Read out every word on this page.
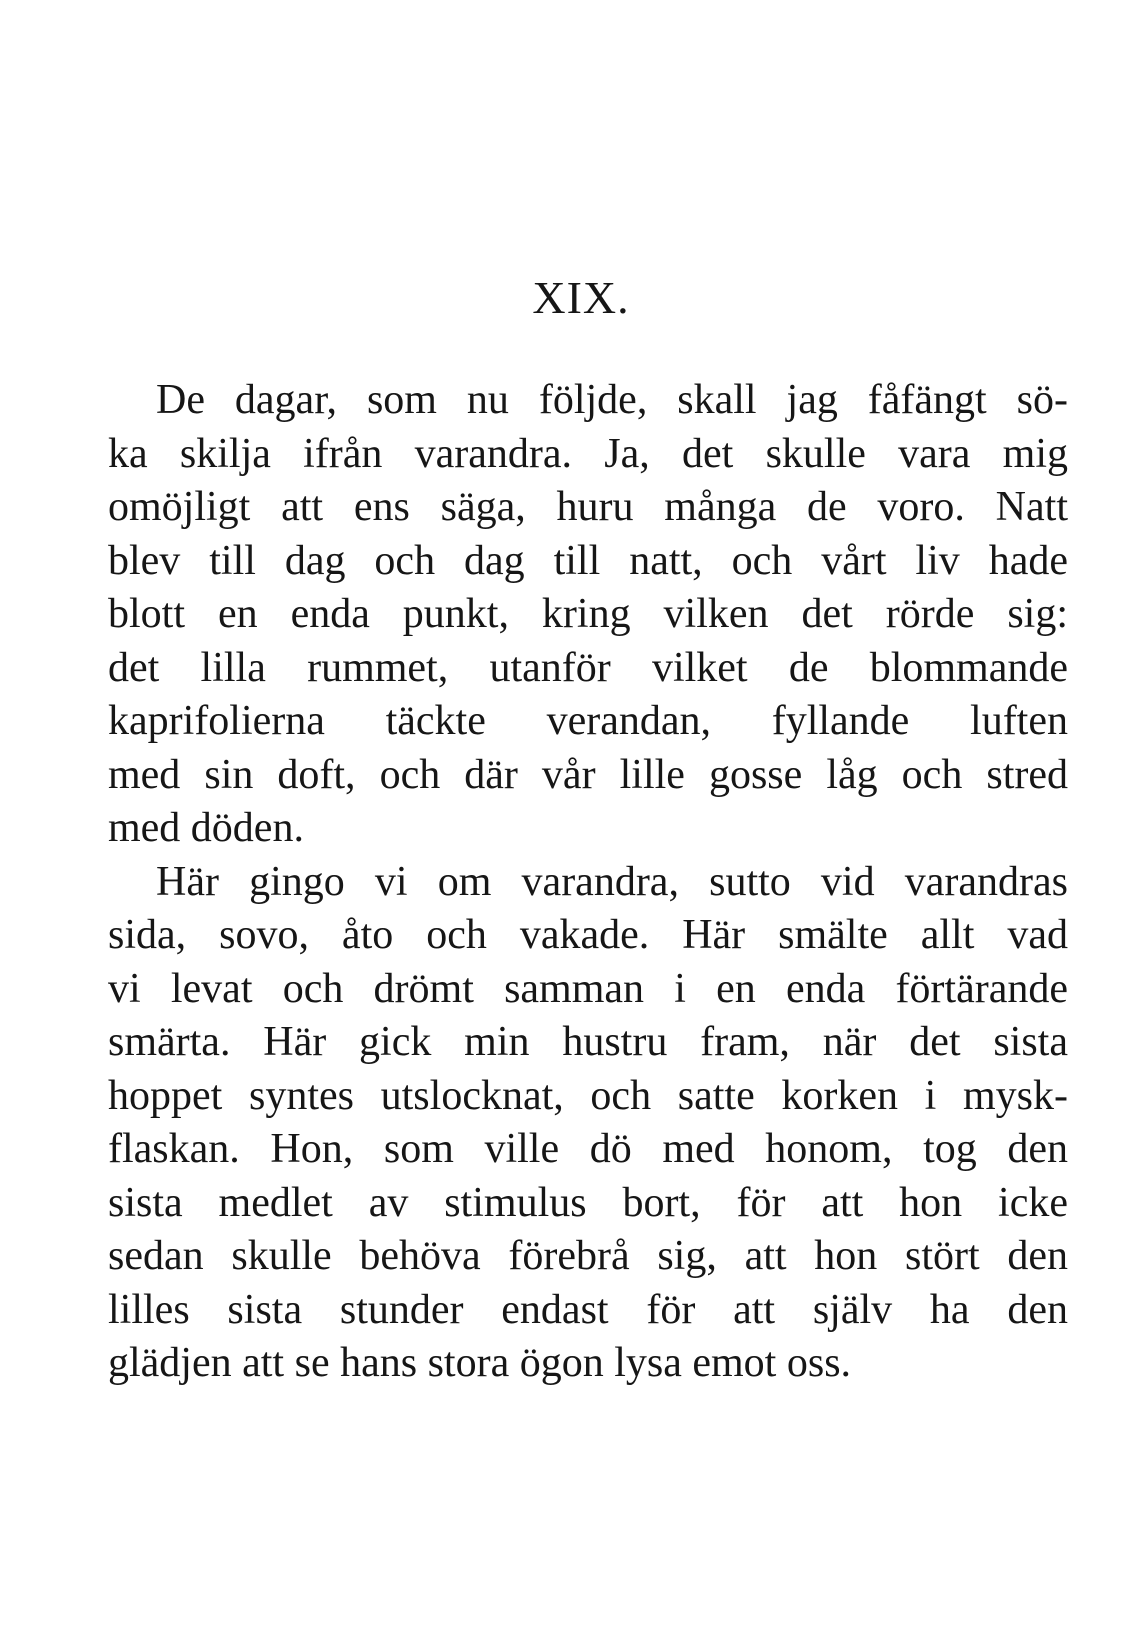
XIX.
De dagar, som nu följde, skall jag fåfängt sö-
ka skilja ifrån varandra. Ja, det skulle vara mig
omöjligt att ens säga, huru många de voro. Natt
blev till dag och dag till natt, och vårt liv hade
blott en enda punkt, kring vilken det rörde sig:
det lilla rummet, utanför vilket de blommande
kaprifolierna täckte verandan, fyllande luften
med sin doft, och där vår lille gosse låg och stred
med döden.
Här gingo vi om varandra, sutto vid varandras
sida, sovo, åto och vakade. Här smälte allt vad
vi levat och drömt samman i en enda förtärande
smärta. Här gick min hustru fram, när det sista
hoppet syntes utslocknat, och satte korken i mysk-
flaskan. Hon, som ville dö med honom, tog den
sista medlet av stimulus bort, för att hon icke
sedan skulle behöva förebrå sig, att hon stört den
lilles sista stunder endast för att själv ha den
glädjen att se hans stora ögon lysa emot oss.
